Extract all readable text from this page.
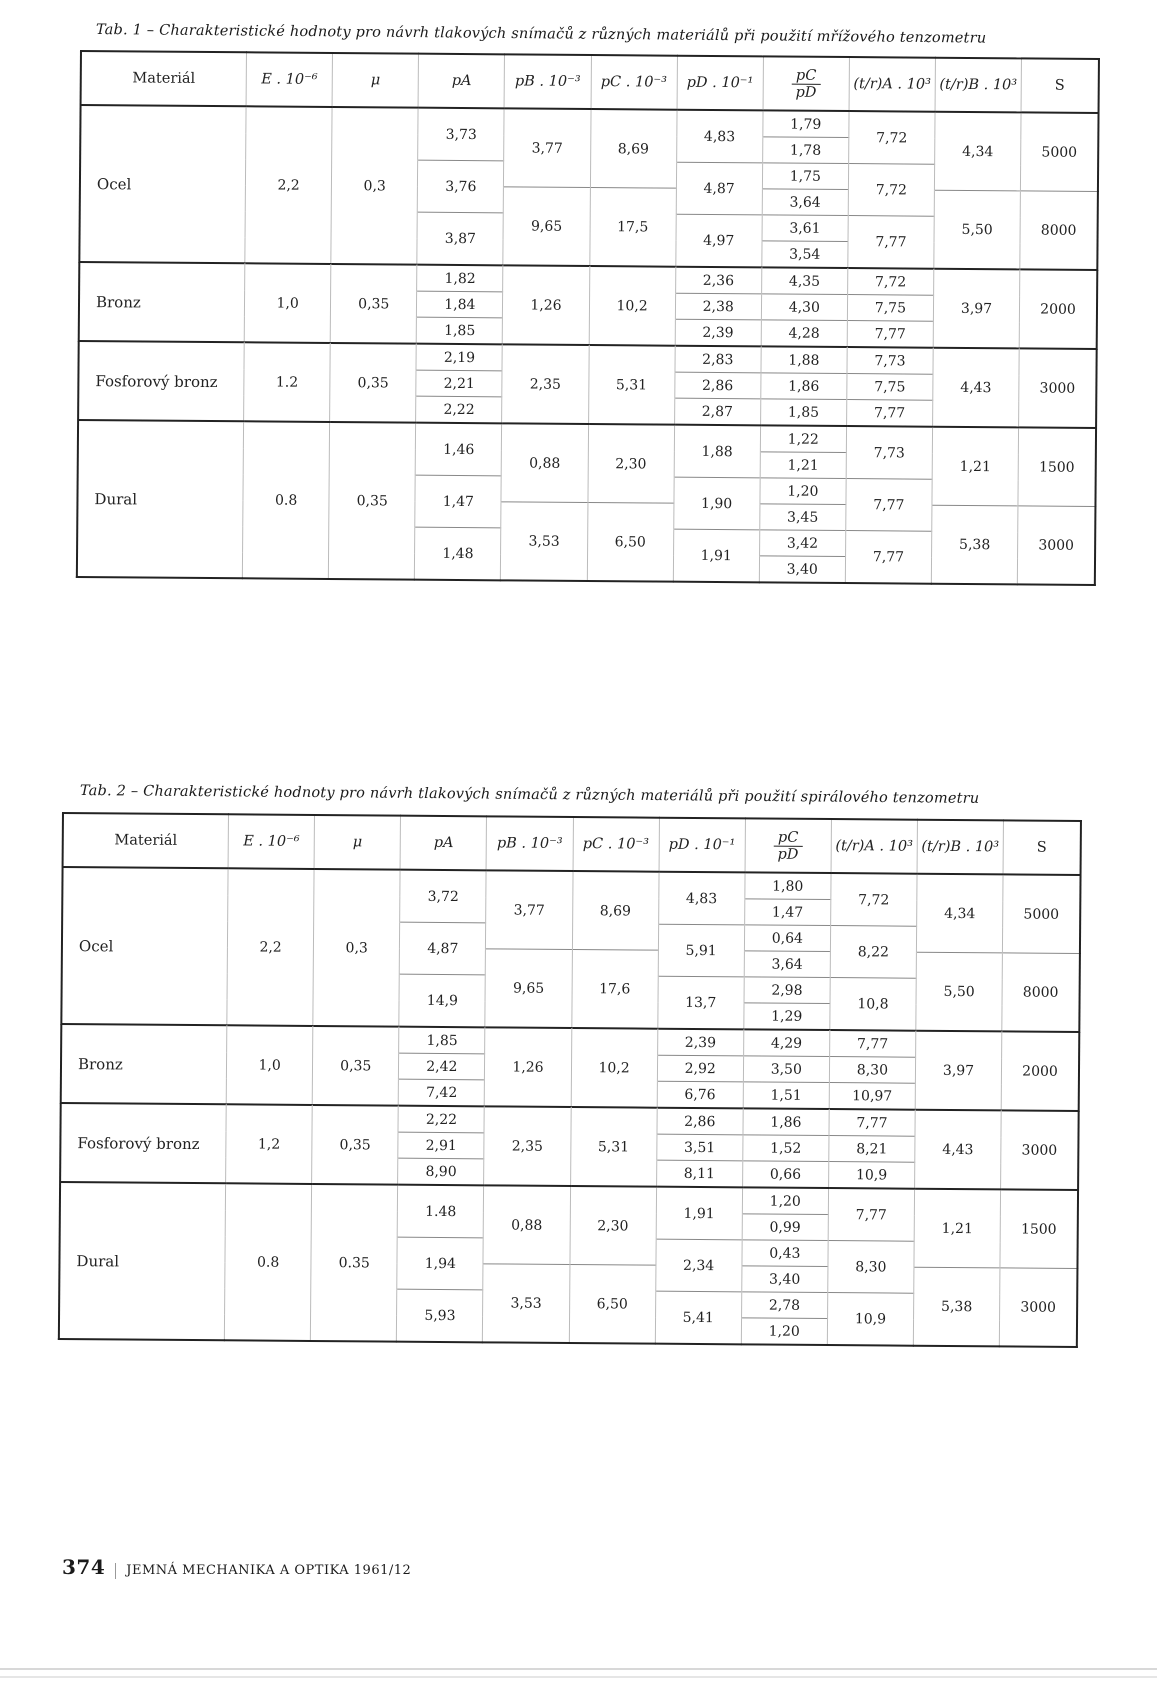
Tab. 1 – Charakteristické hodnoty pro návrh tlakových snímačů z různých materiálů při použití mřížového tenzometru
Materiál	E . 10⁻⁶	μ	pA	pB . 10⁻³	pC . 10⁻³	pD . 10⁻¹	$\frac{pC}{pD}$	(t/r)A . 10³	(t/r)B . 10³	S
Ocel	2,2	0,3	3,73	3,77	8,69	4,83	1,79	7,72	4,34	5000
							1,78			
			3,76			4,87	1,75	7,72		
				9,65	17,5		3,64		5,50	8000
			3,87			4,97	3,61	7,77		
							3,54			
Bronz	1,0	0,35	1,82	1,26	10,2	2,36	4,35	7,72	3,97	2000

			1,84			2,38	4,30	7,75		

			1,85			2,39	4,28	7,77		

Fosforový bronz	1.2	0,35	2,19	2,35	5,31	2,83	1,88	7,73	4,43	3000

			2,21			2,86	1,86	7,75		

			2,22			2,87	1,85	7,77		

Dural	0.8	0,35	1,46	0,88	2,30	1,88	1,22	7,73	1,21	1500
							1,21			
			1,47			1,90	1,20	7,77		
				3,53	6,50		3,45		5,38	3000
			1,48			1,91	3,42	7,77		
							3,40			
Tab. 2 – Charakteristické hodnoty pro návrh tlakových snímačů z různých materiálů při použití spirálového tenzometru
Materiál	E . 10⁻⁶	μ	pA	pB . 10⁻³	pC . 10⁻³	pD . 10⁻¹	$\frac{pC}{pD}$	(t/r)A . 10³	(t/r)B . 10³	S
Ocel	2,2	0,3	3,72	3,77	8,69	4,83	1,80	7,72	4,34	5000
							1,47			
			4,87			5,91	0,64	8,22		
				9,65	17,6		3,64		5,50	8000
			14,9			13,7	2,98	10,8		
							1,29			
Bronz	1,0	0,35	1,85	1,26	10,2	2,39	4,29	7,77	3,97	2000

			2,42			2,92	3,50	8,30		

			7,42			6,76	1,51	10,97		

Fosforový bronz	1,2	0,35	2,22	2,35	5,31	2,86	1,86	7,77	4,43	3000

			2,91			3,51	1,52	8,21		

			8,90			8,11	0,66	10,9		

Dural	0.8	0.35	1.48	0,88	2,30	1,91	1,20	7,77	1,21	1500
							0,99			
			1,94			2,34	0,43	8,30		
				3,53	6,50		3,40		5,38	3000
			5,93			5,41	2,78	10,9		
							1,20			
374 JEMNÁ MECHANIKA A OPTIKA 1961/12
